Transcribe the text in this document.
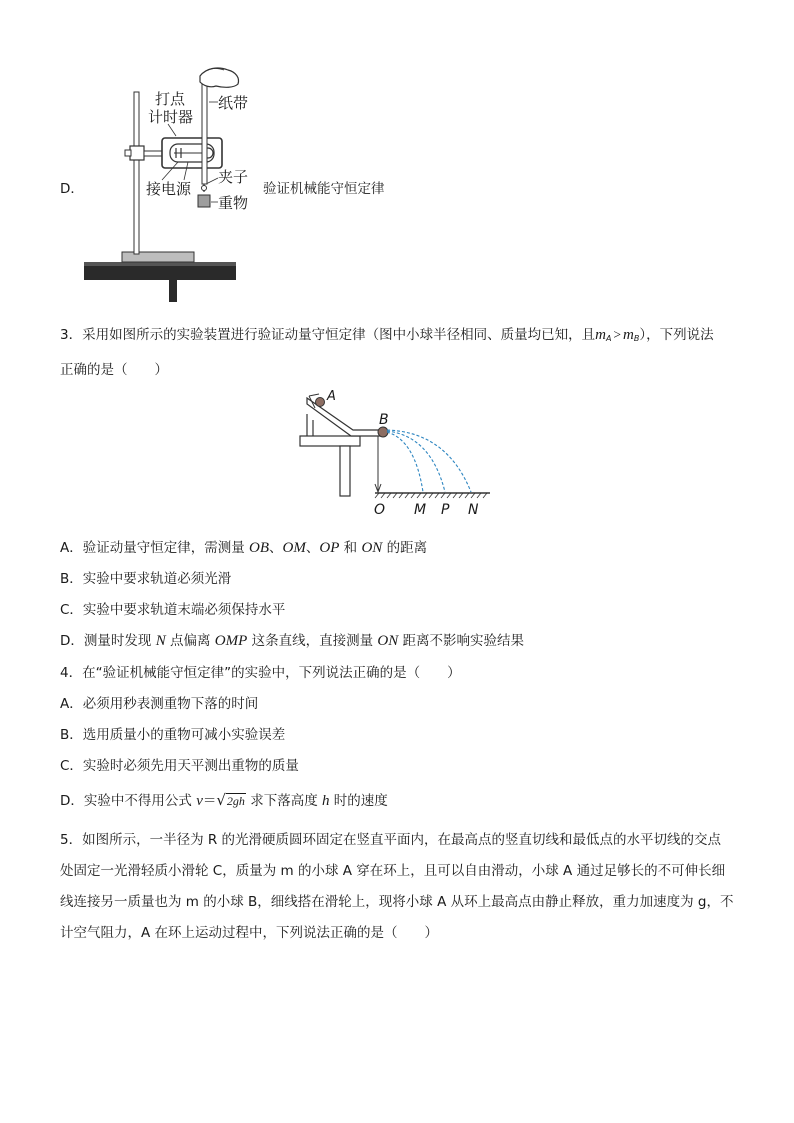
D．
打点
计时器
纸带
夹子
接电源
重物
验证机械能守恒定律
3．采用如图所示的实验装置进行验证动量守恒定律（图中小球半径相同、质量均已知，且$m_A > m_B$），下列说法
正确的是（　　）
A
B
O M P N
A．验证动量守恒定律，需测量 OB、OM、OP 和 ON 的距离
B．实验中要求轨道必须光滑
C．实验中要求轨道末端必须保持水平
D．测量时发现 N 点偏离 OMP 这条直线，直接测量 ON 距离不影响实验结果
4．在“验证机械能守恒定律”的实验中，下列说法正确的是（　　）
A．必须用秒表测重物下落的时间
B．选用质量小的重物可减小实验误差
C．实验时必须先用天平测出重物的质量
D．实验中不得用公式 v＝√2gh 求下落高度 h 时的速度
5．如图所示，一半径为 R 的光滑硬质圆环固定在竖直平面内，在最高点的竖直切线和最低点的水平切线的交点
处固定一光滑轻质小滑轮 C，质量为 m 的小球 A 穿在环上，且可以自由滑动，小球 A 通过足够长的不可伸长细
线连接另一质量也为 m 的小球 B，细线搭在滑轮上，现将小球 A 从环上最高点由静止释放，重力加速度为 g，不
计空气阻力，A 在环上运动过程中，下列说法正确的是（　　）
